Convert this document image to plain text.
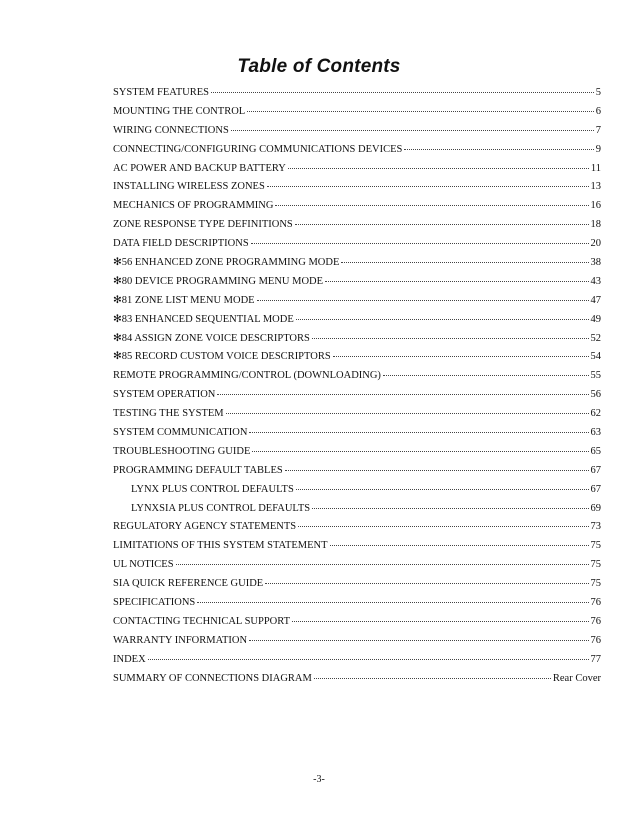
Table of Contents
SYSTEM FEATURES	5
MOUNTING THE CONTROL	6
WIRING CONNECTIONS	7
CONNECTING/CONFIGURING COMMUNICATIONS DEVICES	9
AC POWER AND BACKUP BATTERY	11
INSTALLING WIRELESS ZONES	13
MECHANICS OF PROGRAMMING	16
ZONE RESPONSE TYPE DEFINITIONS	18
DATA FIELD DESCRIPTIONS	20
✻56 ENHANCED ZONE PROGRAMMING MODE	38
✻80 DEVICE PROGRAMMING MENU MODE	43
✻81 ZONE LIST MENU MODE	47
✻83 ENHANCED SEQUENTIAL MODE	49
✻84 ASSIGN ZONE VOICE DESCRIPTORS	52
✻85 RECORD CUSTOM VOICE DESCRIPTORS	54
REMOTE PROGRAMMING/CONTROL (DOWNLOADING)	55
SYSTEM OPERATION	56
TESTING THE SYSTEM	62
SYSTEM COMMUNICATION	63
TROUBLESHOOTING GUIDE	65
PROGRAMMING DEFAULT TABLES	67
LYNX PLUS CONTROL DEFAULTS	67
LYNXSIA PLUS CONTROL DEFAULTS	69
REGULATORY AGENCY STATEMENTS	73
LIMITATIONS OF THIS SYSTEM STATEMENT	75
UL NOTICES	75
SIA QUICK REFERENCE GUIDE	75
SPECIFICATIONS	76
CONTACTING TECHNICAL SUPPORT	76
WARRANTY INFORMATION	76
INDEX	77
SUMMARY OF CONNECTIONS DIAGRAM	Rear Cover
-3-
